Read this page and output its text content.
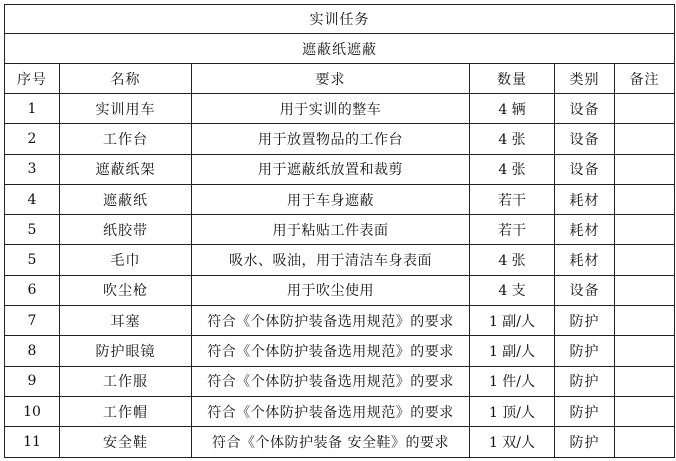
实训任务					
遮蔽纸遮蔽					
序号	名称	要求	数量	类别	备注
1	实训用车	用于实训的整车	4 辆	设备	
2	工作台	用于放置物品的工作台	4 张	设备	
3	遮蔽纸架	用于遮蔽纸放置和裁剪	4 张	设备	
4	遮蔽纸	用于车身遮蔽	若干	耗材	
5	纸胶带	用于粘贴工件表面	若干	耗材	
5	毛巾	吸水、吸油，用于清洁车身表面	4 张	耗材	
6	吹尘枪	用于吹尘使用	4 支	设备	
7	耳塞	符合《个体防护装备选用规范》的要求	1 副/人	防护	
8	防护眼镜	符合《个体防护装备选用规范》的要求	1 副/人	防护	
9	工作服	符合《个体防护装备选用规范》的要求	1 件/人	防护	
10	工作帽	符合《个体防护装备选用规范》的要求	1 顶/人	防护	
11	安全鞋	符合《个体防护装备 安全鞋》的要求	1 双/人	防护	
